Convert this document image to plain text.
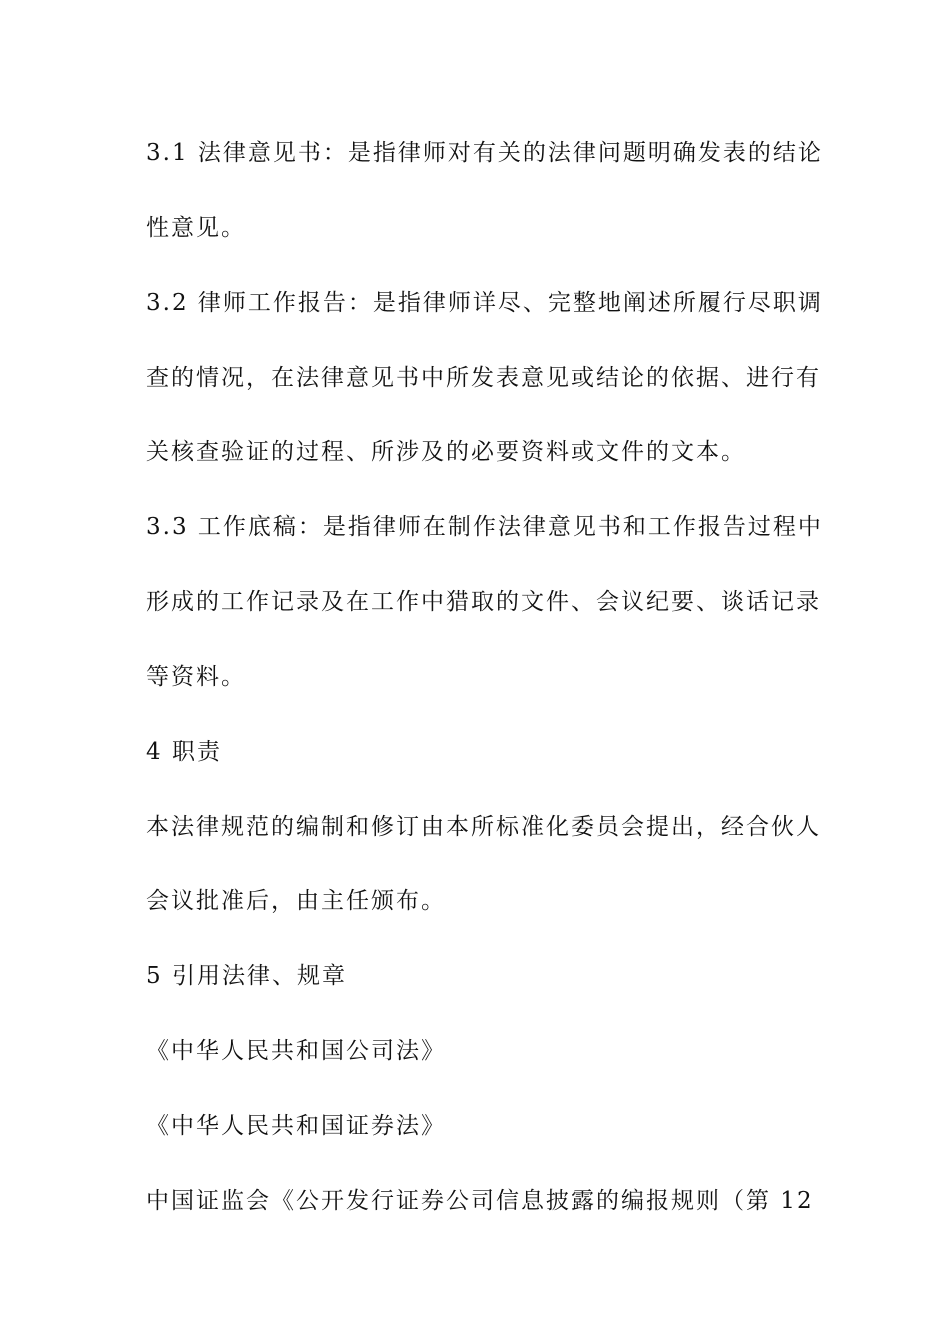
3.1 法律意见书：是指律师对有关的法律问题明确发表的结论
性意见。
3.2 律师工作报告：是指律师详尽、完整地阐述所履行尽职调
查的情况，在法律意见书中所发表意见或结论的依据、进行有
关核查验证的过程、所涉及的必要资料或文件的文本。
3.3 工作底稿：是指律师在制作法律意见书和工作报告过程中
形成的工作记录及在工作中猎取的文件、会议纪要、谈话记录
等资料。
4 职责
本法律规范的编制和修订由本所标准化委员会提出，经合伙人
会议批准后，由主任颁布。
5 引用法律、规章
《中华人民共和国公司法》
《中华人民共和国证券法》
中国证监会《公开发行证券公司信息披露的编报规则（第 12
